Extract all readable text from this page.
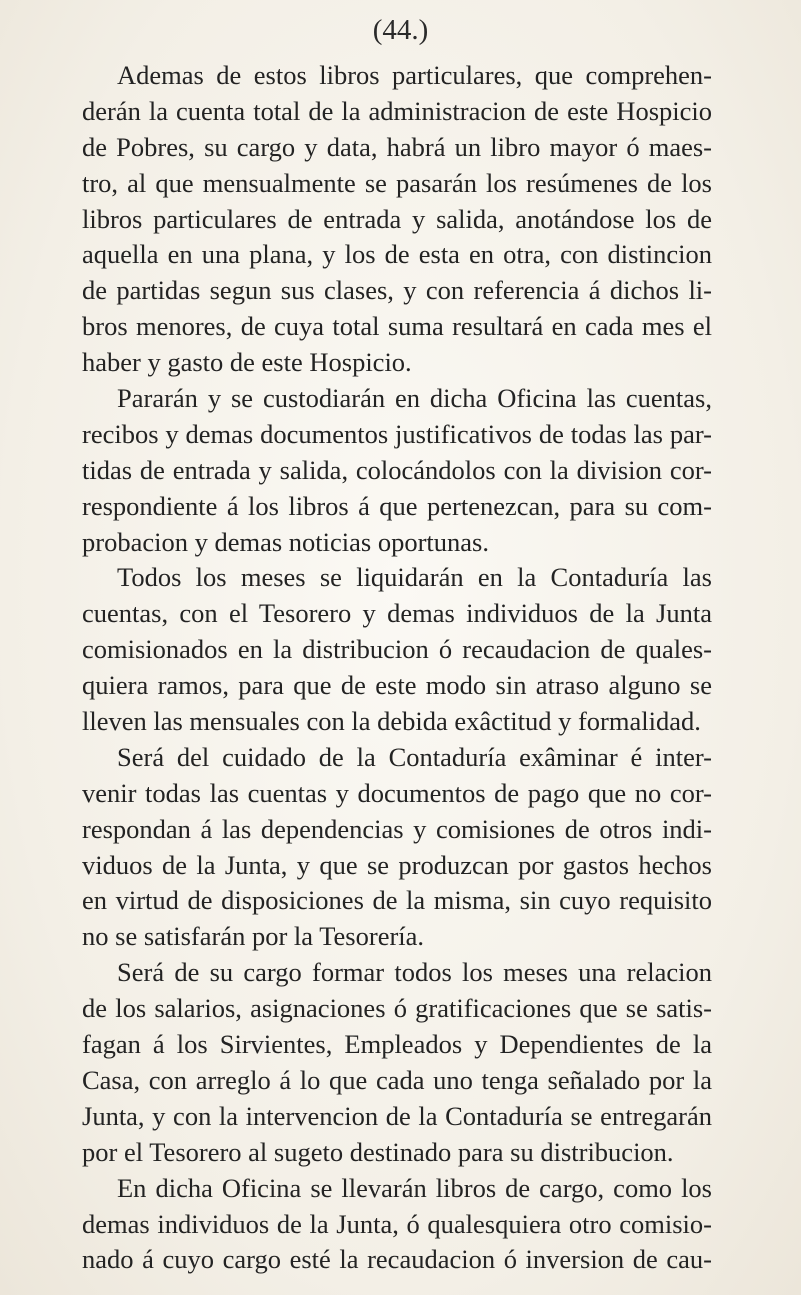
(44.)
Ademas de estos libros particulares, que comprehen-
derán la cuenta total de la administracion de este Hospicio
de Pobres, su cargo y data, habrá un libro mayor ó maes-
tro, al que mensualmente se pasarán los resúmenes de los
libros particulares de entrada y salida, anotándose los de
aquella en una plana, y los de esta en otra, con distincion
de partidas segun sus clases, y con referencia á dichos li-
bros menores, de cuya total suma resultará en cada mes el
haber y gasto de este Hospicio.
Pararán y se custodiarán en dicha Oficina las cuentas,
recibos y demas documentos justificativos de todas las par-
tidas de entrada y salida, colocándolos con la division cor-
respondiente á los libros á que pertenezcan, para su com-
probacion y demas noticias oportunas.
Todos los meses se liquidarán en la Contaduría las
cuentas, con el Tesorero y demas individuos de la Junta
comisionados en la distribucion ó recaudacion de quales-
quiera ramos, para que de este modo sin atraso alguno se
lleven las mensuales con la debida exâctitud y formalidad.
Será del cuidado de la Contaduría exâminar é inter-
venir todas las cuentas y documentos de pago que no cor-
respondan á las dependencias y comisiones de otros indi-
viduos de la Junta, y que se produzcan por gastos hechos
en virtud de disposiciones de la misma, sin cuyo requisito
no se satisfarán por la Tesorería.
Será de su cargo formar todos los meses una relacion
de los salarios, asignaciones ó gratificaciones que se satis-
fagan á los Sirvientes, Empleados y Dependientes de la
Casa, con arreglo á lo que cada uno tenga señalado por la
Junta, y con la intervencion de la Contaduría se entregarán
por el Tesorero al sugeto destinado para su distribucion.
En dicha Oficina se llevarán libros de cargo, como los
demas individuos de la Junta, ó qualesquiera otro comisio-
nado á cuyo cargo esté la recaudacion ó inversion de cau-
